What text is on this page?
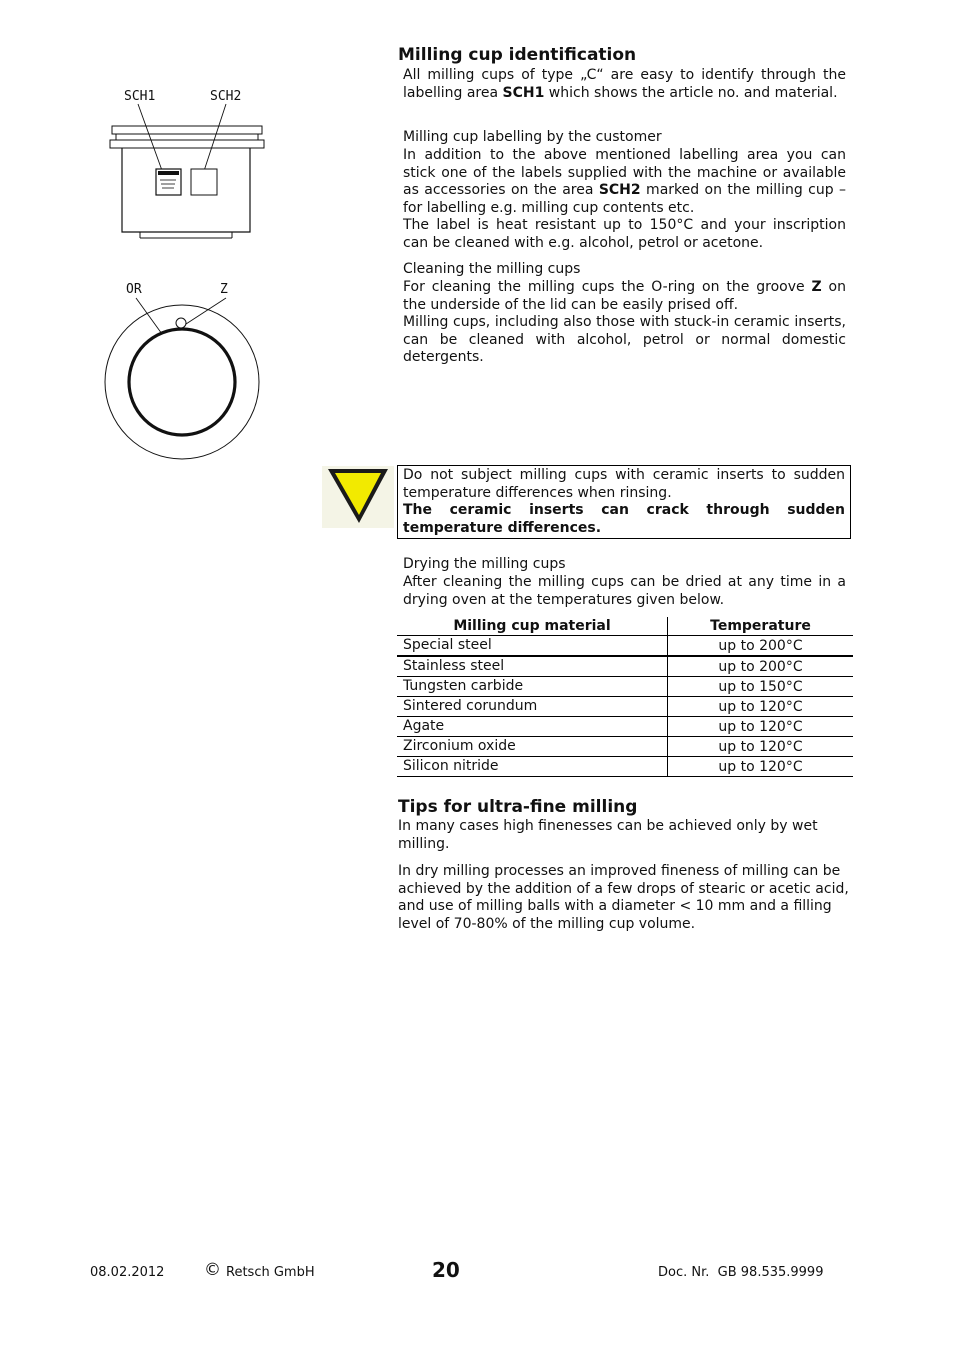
SCH1	SCH2
OR	Z
Milling cup identification
All milling cups of type „C“ are easy to identify through the labelling area SCH1 which shows the article no. and material.
Milling cup labelling by the customer
In addition to the above mentioned labelling area you can stick one of the labels supplied with the machine or available as accessories on the area SCH2 marked on the milling cup – for labelling e.g. milling cup contents etc.
The label is heat resistant up to 150°C and your inscription can be cleaned with e.g. alcohol, petrol or acetone.
Cleaning the milling cups
For cleaning the milling cups the O-ring on the groove Z on the underside of the lid can be easily prised off.
Milling cups, including also those with stuck-in ceramic inserts, can be cleaned with alcohol, petrol or normal domestic detergents.
Do not subject milling cups with ceramic inserts to sudden temperature differences when rinsing.
The ceramic inserts can crack through sudden temperature differences.
Drying the milling cups
After cleaning the milling cups can be dried at any time in a drying oven at the temperatures given below.
Milling cup material	Temperature
Special steel	up to 200°C
Stainless steel	up to 200°C
Tungsten carbide	up to 150°C
Sintered corundum	up to 120°C
Agate	up to 120°C
Zirconium oxide	up to 120°C
Silicon nitride	up to 120°C
Tips for ultra-fine milling
In many cases high finenesses can be achieved only by wet milling.
In dry milling processes an improved fineness of milling can be achieved by the addition of a few drops of stearic or acetic acid, and use of milling balls with a diameter < 10 mm and a filling level of 70-80% of the milling cup volume.
08.02.2012 © Retsch GmbH	20	Doc. Nr.  GB 98.535.9999
